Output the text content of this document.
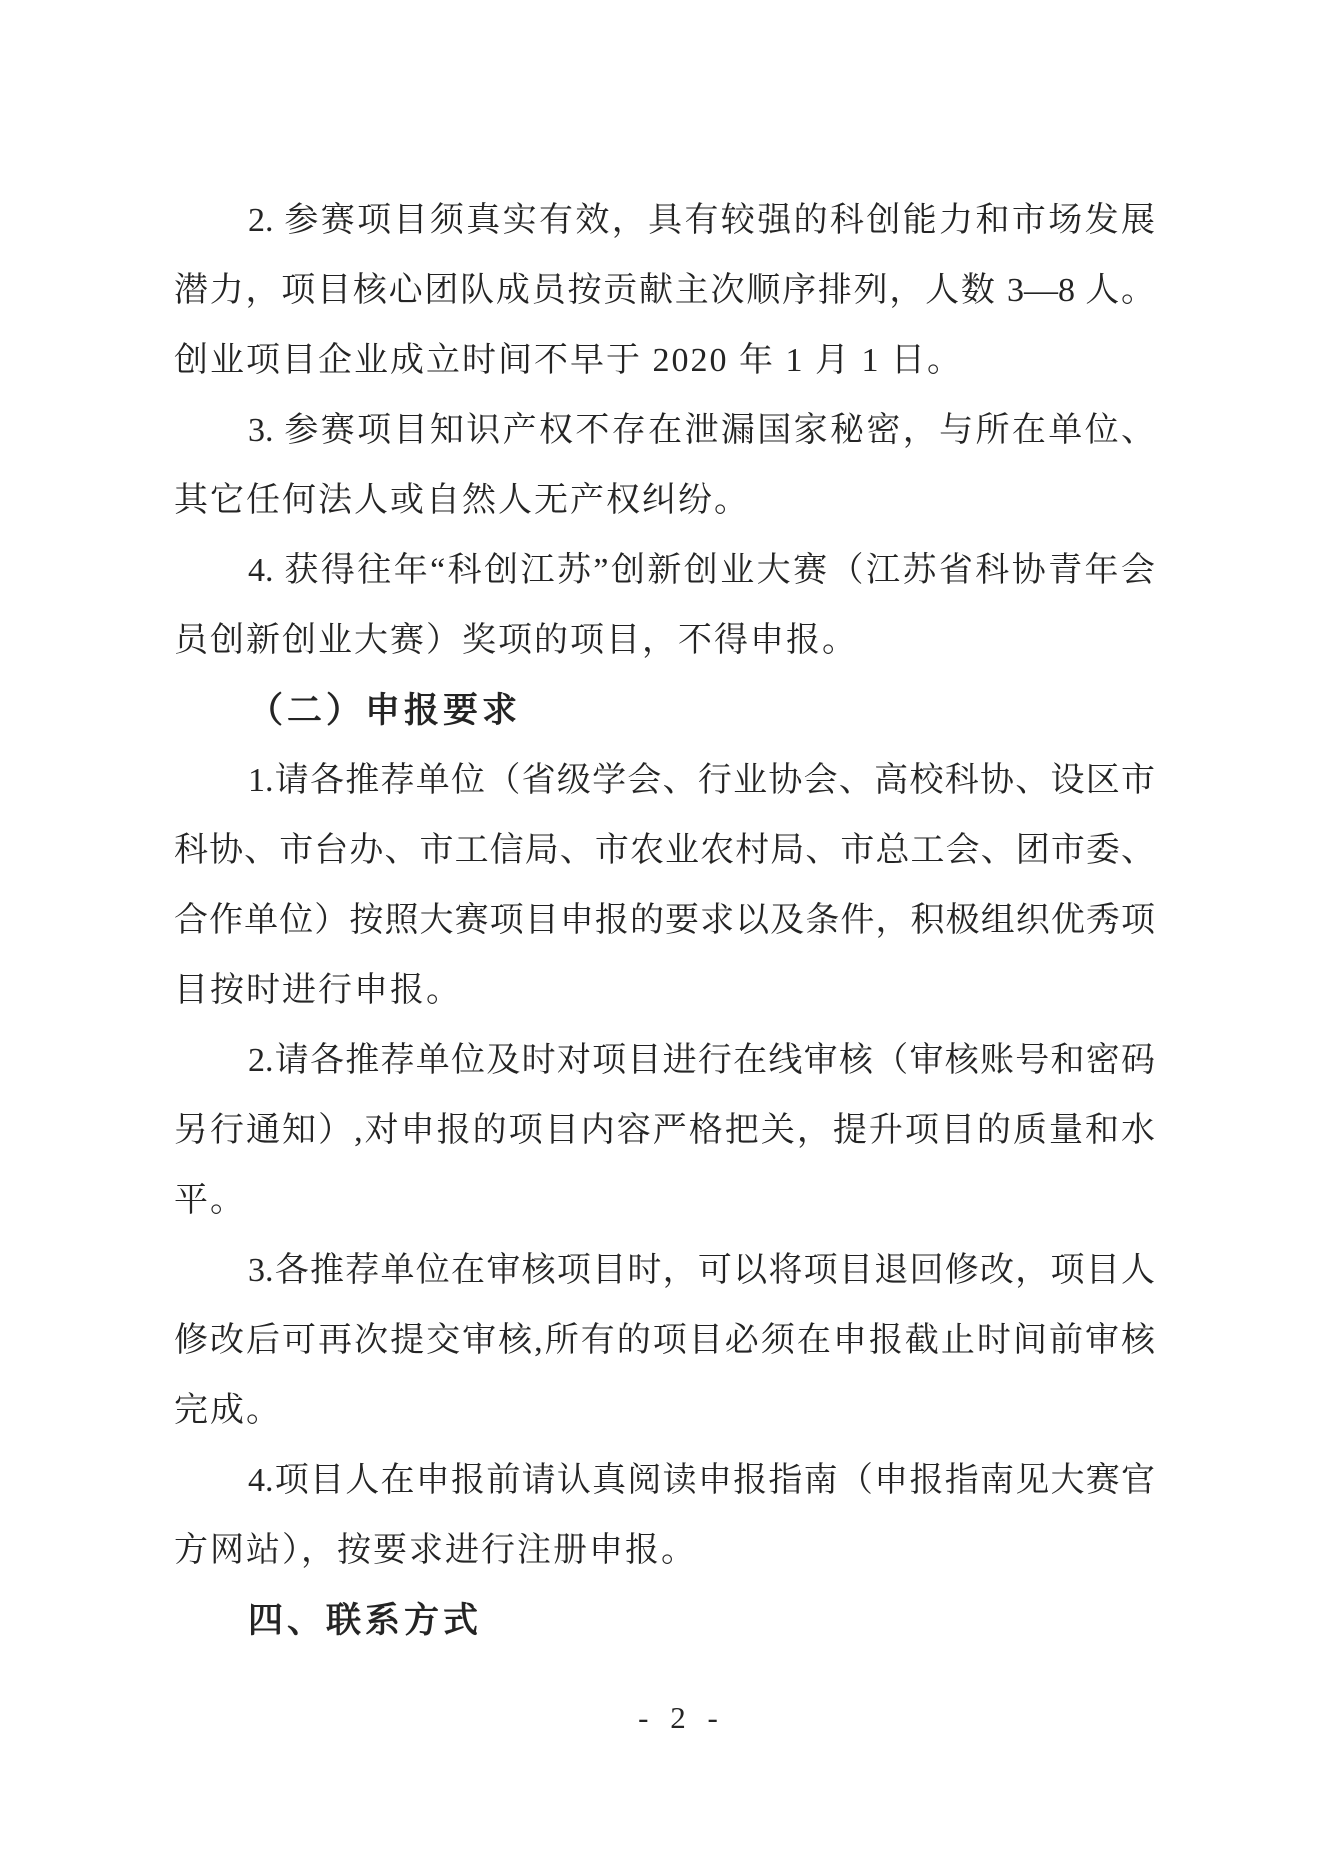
2. 参赛项目须真实有效，具有较强的科创能力和市场发展
潜力，项目核心团队成员按贡献主次顺序排列，人数 3—8 人。
创业项目企业成立时间不早于 2020 年 1 月 1 日。
3. 参赛项目知识产权不存在泄漏国家秘密，与所在单位、
其它任何法人或自然人无产权纠纷。
4. 获得往年“科创江苏”创新创业大赛（江苏省科协青年会
员创新创业大赛）奖项的项目，不得申报。
（二）申报要求
1.请各推荐单位（省级学会、行业协会、高校科协、设区市
科协、市台办、市工信局、市农业农村局、市总工会、团市委、
合作单位）按照大赛项目申报的要求以及条件，积极组织优秀项
目按时进行申报。
2.请各推荐单位及时对项目进行在线审核（审核账号和密码
另行通知）,对申报的项目内容严格把关，提升项目的质量和水
平。
3.各推荐单位在审核项目时，可以将项目退回修改，项目人
修改后可再次提交审核,所有的项目必须在申报截止时间前审核
完成。
4.项目人在申报前请认真阅读申报指南（申报指南见大赛官
方网站），按要求进行注册申报。
四、联系方式
- 2 -
